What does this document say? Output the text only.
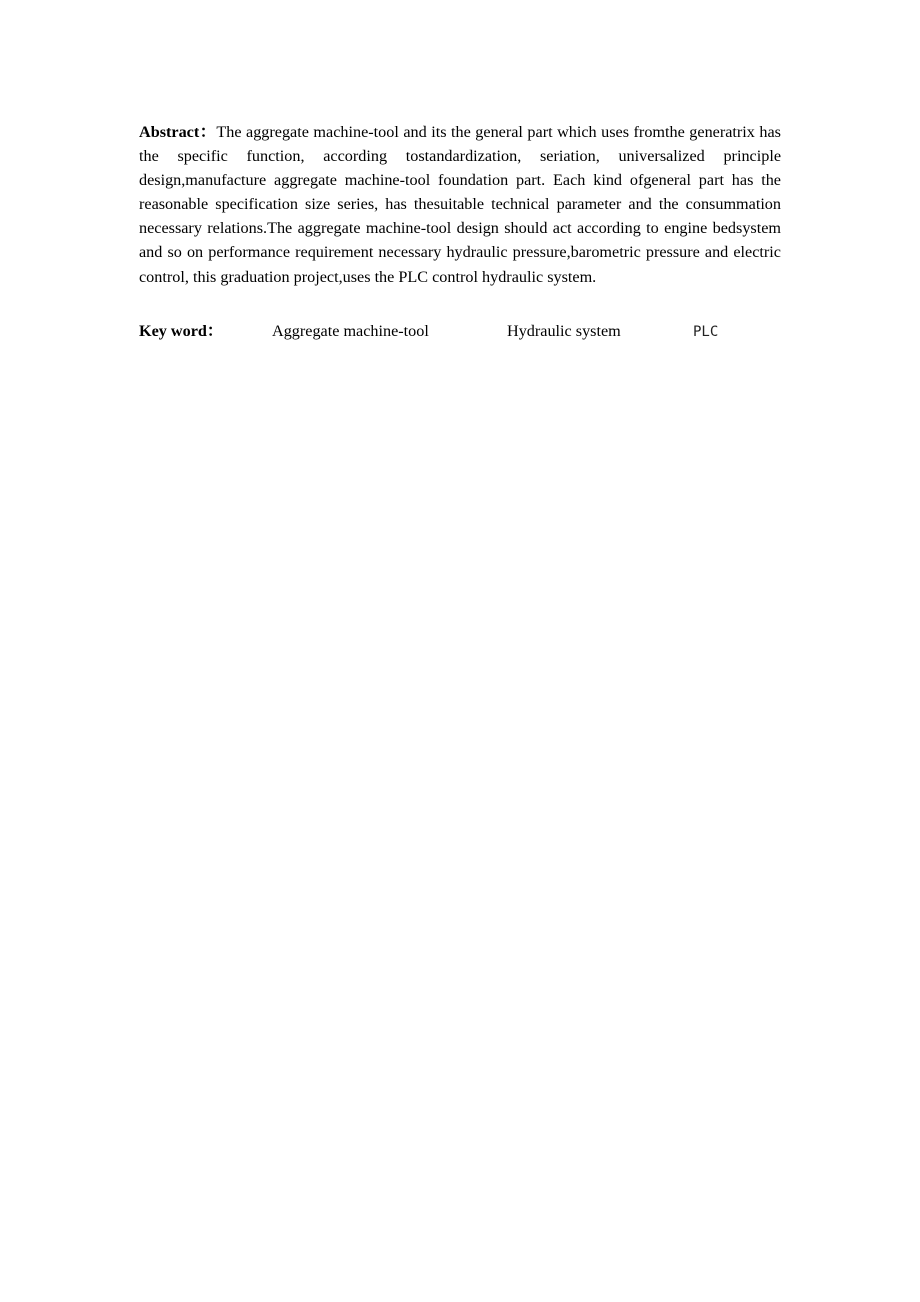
Abstract：The aggregate machine-tool and its the general part which uses fromthe generatrix has the specific function, according tostandardization, seriation, universalized principle design,manufacture aggregate machine-tool foundation part. Each kind ofgeneral part has the reasonable specification size series, has thesuitable technical parameter and the consummation necessary relations.The aggregate machine-tool design should act according to engine bedsystem and so on performance requirement necessary hydraulic pressure,barometric pressure and electric control, this graduation project,uses the PLC control hydraulic system.

Key word：	Aggregate machine-tool	Hydraulic system	PLC
